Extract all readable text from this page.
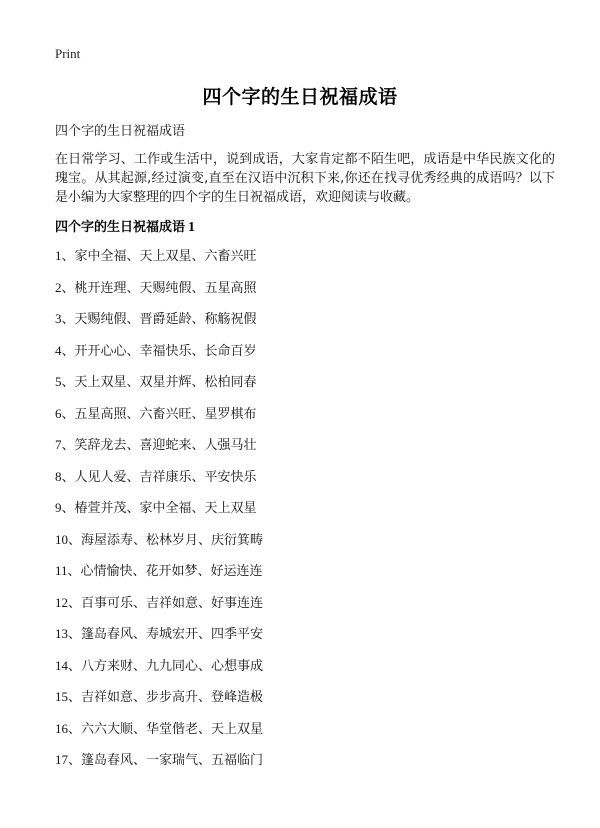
Print
四个字的生日祝福成语
四个字的生日祝福成语
在日常学习、工作或生活中，说到成语，大家肯定都不陌生吧，成语是中华民族文化的瑰宝。从其起源,经过演变,直至在汉语中沉积下来,你还在找寻优秀经典的成语吗？以下是小编为大家整理的四个字的生日祝福成语，欢迎阅读与收藏。
四个字的生日祝福成语 1
1、家中全福、天上双星、六畜兴旺
2、桃开连理、天赐纯假、五星高照
3、天赐纯假、晋爵延龄、称觞祝假
4、开开心心、幸福快乐、长命百岁
5、天上双星、双星并辉、松柏同春
6、五星高照、六畜兴旺、星罗棋布
7、笑辞龙去、喜迎蛇来、人强马壮
8、人见人爱、吉祥康乐、平安快乐
9、椿萱并茂、家中全福、天上双星
10、海屋添寿、松林岁月、庆衍箕畴
11、心情愉快、花开如梦、好运连连
12、百事可乐、吉祥如意、好事连连
13、篷岛春风、寿城宏开、四季平安
14、八方来财、九九同心、心想事成
15、吉祥如意、步步高升、登峰造极
16、六六大顺、华堂偕老、天上双星
17、篷岛春风、一家瑞气、五福临门
